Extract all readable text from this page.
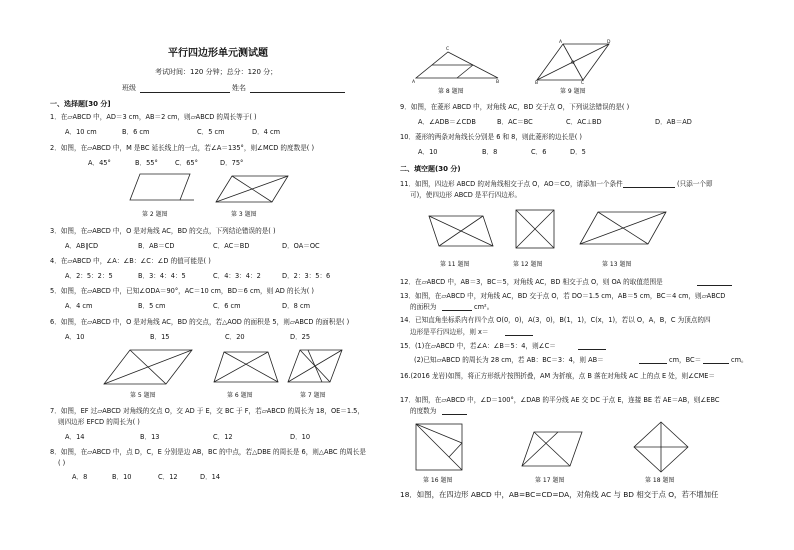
平行四边形单元测试题
考试时间：120 分钟；总分：120 分；
班级	姓名
一、选择题[30 分]
1．在▱ABCD 中，AD＝3 cm，AB＝2 cm，则▱ABCD 的周长等于( )
A．10 cm	B．6 cm	C．5 cm	D．4 cm
2．如图，在▱ABCD 中，M 是BC 延长线上的一点，若∠A＝135°，则∠MCD 的度数是( )
A．45°	B．55°	C．65°	D．75°
第 2 题图	第 3 题图
3．如图，在▱ABCD 中，O 是对角线 AC，BD 的交点，下列结论错误的是( )
A．AB∥CD	B．AB＝CD	C．AC＝BD	D．OA＝OC
4．在▱ABCD 中，∠A：∠B：∠C：∠D 的值可能是( )
A．2：5：2：5	B．3：4：4：5	C．4：3：4：2	D．2：3：5：6
5．如图，在▱ABCD 中，已知∠ODA＝90°，AC＝10 cm，BD＝6 cm，则 AD 的长为( )
A．4 cm	B．5 cm	C．6 cm	D．8 cm
6．如图，在▱ABCD 中，O 是对角线 AC，BD 的交点，若△AOD 的面积是 5，则▱ABCD 的面积是( )
A．10	B．15	C．20	D．25
第 5 题图	第 6 题图	第 7 题图
7．如图，EF 过▱ABCD 对角线的交点 O，交 AD 于 E，交 BC 于 F，若▱ABCD 的周长为 18，OE＝1.5，
则四边形 EFCD 的周长为( )
A．14	B．13	C．12	D．10
8．如图，在▱ABCD 中，点 D，C，E 分别是边 AB，BC 的中点，若△DBE 的周长是 6，则△ABC 的周长是
( )
A．8	B．10	C．12	D．14
C
A	B
第 8 题图
A	D
B	C
O
第 9 题图
9．如图，在菱形 ABCD 中，对角线 AC，BD 交于点 O，下列说法错误的是( )
A．∠ADB＝∠CDB	B．AC＝BC	C．AC⊥BD	D．AB＝AD
10．菱形的两条对角线长分别是 6 和 8，则此菱形的边长是( )
A．10	B．8	C．6	D．5
二、填空题(30 分)
11．如图，四边形 ABCD 的对角线相交于点 O，AO＝CO，请添加一个条件	(只添一个即
可)，使四边形 ABCD 是平行四边形。
第 11 题图	第 12 题图	第 13 题图
12．在▱ABCD 中，AB＝3，BC＝5，对角线 AC，BD 相交于点 O，则 OA 的取值范围是
13．如图，在▱ABCD 中，对角线 AC，BD 交于点 O，若 DO＝1.5 cm，AB＝5 cm，BC＝4 cm，则▱ABCD
的面积为	cm²。
14．已知直角坐标系内有四个点 O(0，0)，A(3，0)，B(1，1)，C(x，1)，若以 O，A，B，C 为顶点的四
边形是平行四边形，则 x＝
15．(1)在▱ABCD 中，若∠A：∠B＝5：4，则∠C＝
(2)已知▱ABCD 的周长为 28 cm，若 AB：BC＝3：4，则 AB＝	cm，BC＝	cm。
16.(2016 龙岩)如图，将正方形纸片按图折叠，AM 为折痕，点 B 落在对角线 AC 上的点 E 处，则∠CME＝
17．如图，在▱ABCD 中，∠D＝100°，∠DAB 的平分线 AE 交 DC 于点 E，连接 BE 若 AE＝AB，则∠EBC
的度数为
第 16 题图	第 17 题图	第 18 题图
18．如图，在四边形 ABCD 中，AB=BC=CD=DA，对角线 AC 与 BD 相交于点 O，若不增加任
